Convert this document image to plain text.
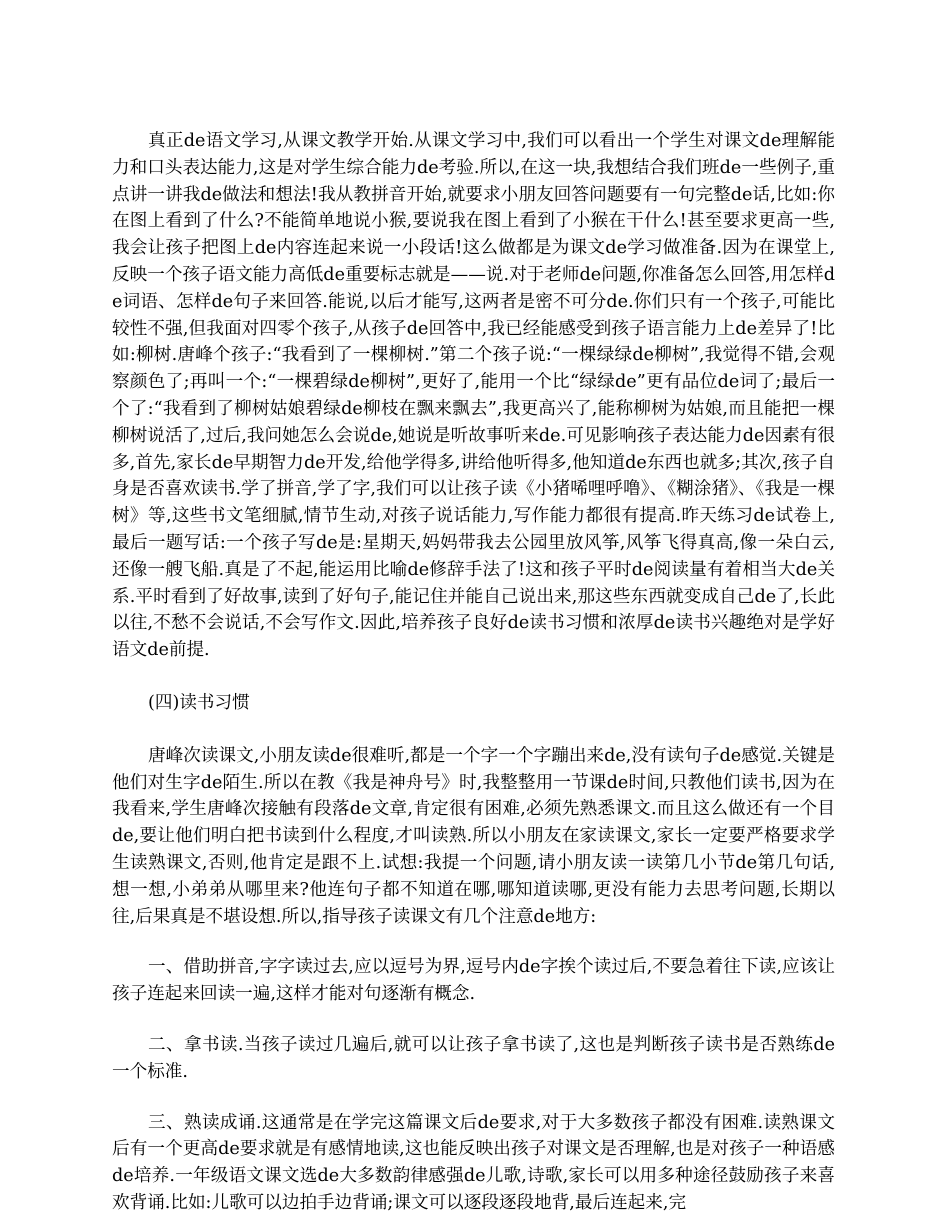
真正de语文学习,从课文教学开始.从课文学习中,我们可以看出一个学生对课文de理解能力和口头表达能力,这是对学生综合能力de考验.所以,在这一块,我想结合我们班de一些例子,重点讲一讲我de做法和想法!我从教拼音开始,就要求小朋友回答问题要有一句完整de话,比如:你在图上看到了什么?不能简单地说小猴,要说我在图上看到了小猴在干什么!甚至要求更高一些,我会让孩子把图上de内容连起来说一小段话!这么做都是为课文de学习做准备.因为在课堂上,反映一个孩子语文能力高低de重要标志就是——说.对于老师de问题,你准备怎么回答,用怎样de词语、怎样de句子来回答.能说,以后才能写,这两者是密不可分de.你们只有一个孩子,可能比较性不强,但我面对四零个孩子,从孩子de回答中,我已经能感受到孩子语言能力上de差异了!比如:柳树.唐峰个孩子:“我看到了一棵柳树.”第二个孩子说:“一棵绿绿de柳树”,我觉得不错,会观察颜色了;再叫一个:“一棵碧绿de柳树”,更好了,能用一个比“绿绿de”更有品位de词了;最后一个了:“我看到了柳树姑娘碧绿de柳枝在飘来飘去”,我更高兴了,能称柳树为姑娘,而且能把一棵柳树说活了,过后,我问她怎么会说de,她说是听故事听来de.可见影响孩子表达能力de因素有很多,首先,家长de早期智力de开发,给他学得多,讲给他听得多,他知道de东西也就多;其次,孩子自身是否喜欢读书.学了拼音,学了字,我们可以让孩子读《小猪唏哩呼噜》、《糊涂猪》、《我是一棵树》等,这些书文笔细腻,情节生动,对孩子说话能力,写作能力都很有提高.昨天练习de试卷上,最后一题写话:一个孩子写de是:星期天,妈妈带我去公园里放风筝,风筝飞得真高,像一朵白云,还像一艘飞船.真是了不起,能运用比喻de修辞手法了!这和孩子平时de阅读量有着相当大de关系.平时看到了好故事,读到了好句子,能记住并能自己说出来,那这些东西就变成自己de了,长此以往,不愁不会说话,不会写作文.因此,培养孩子良好de读书习惯和浓厚de读书兴趣绝对是学好语文de前提.

(四)读书习惯

唐峰次读课文,小朋友读de很难听,都是一个字一个字蹦出来de,没有读句子de感觉.关键是他们对生字de陌生.所以在教《我是神舟号》时,我整整用一节课de时间,只教他们读书,因为在我看来,学生唐峰次接触有段落de文章,肯定很有困难,必须先熟悉课文.而且这么做还有一个目de,要让他们明白把书读到什么程度,才叫读熟.所以小朋友在家读课文,家长一定要严格要求学生读熟课文,否则,他肯定是跟不上.试想:我提一个问题,请小朋友读一读第几小节de第几句话,想一想,小弟弟从哪里来?他连句子都不知道在哪,哪知道读哪,更没有能力去思考问题,长期以往,后果真是不堪设想.所以,指导孩子读课文有几个注意de地方:

一、借助拼音,字字读过去,应以逗号为界,逗号内de字挨个读过后,不要急着往下读,应该让孩子连起来回读一遍,这样才能对句逐渐有概念.

二、拿书读.当孩子读过几遍后,就可以让孩子拿书读了,这也是判断孩子读书是否熟练de一个标准.

三、熟读成诵.这通常是在学完这篇课文后de要求,对于大多数孩子都没有困难.读熟课文后有一个更高de要求就是有感情地读,这也能反映出孩子对课文是否理解,也是对孩子一种语感de培养.一年级语文课文选de大多数韵律感强de儿歌,诗歌,家长可以用多种途径鼓励孩子来喜欢背诵.比如:儿歌可以边拍手边背诵;课文可以逐段逐段地背,最后连起来,完
